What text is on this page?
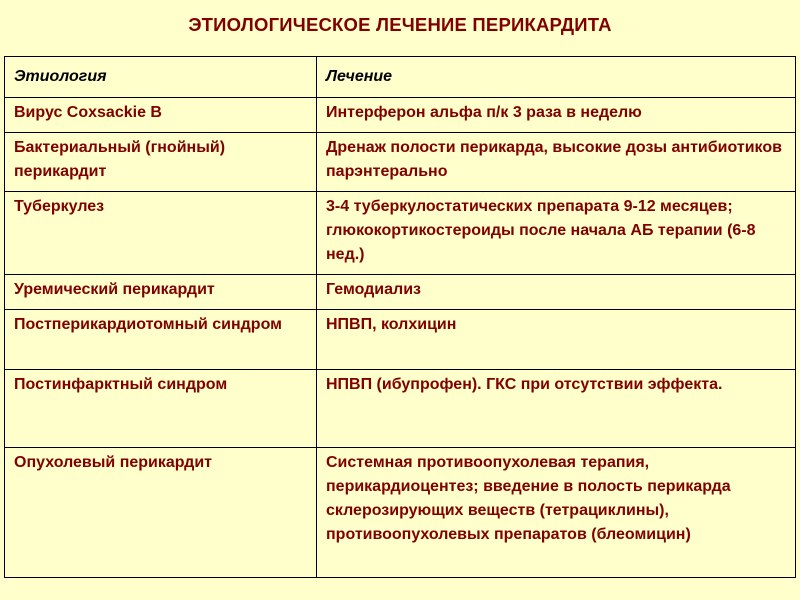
ЭТИОЛОГИЧЕСКОЕ ЛЕЧЕНИЕ ПЕРИКАРДИТА
Этиология	Лечение
Вирус Coxsackie B	Интерферон альфа п/к 3 раза в неделю
Бактериальный (гнойный) перикардит	Дренаж полости перикарда, высокие дозы антибиотиков парэнтерально
Туберкулез	3-4 туберкулостатических препарата 9-12 месяцев; глюкокортикостероиды после начала АБ терапии (6-8 нед.)
Уремический перикардит	Гемодиализ
Постперикардиотомный синдром	НПВП, колхицин
Постинфарктный синдром	НПВП (ибупрофен). ГКС при отсутствии эффекта.
Опухолевый перикардит	Системная противоопухолевая терапия, перикардиоцентез; введение в полость перикарда склерозирующих веществ (тетрациклины), противоопухолевых препаратов (блеомицин)
